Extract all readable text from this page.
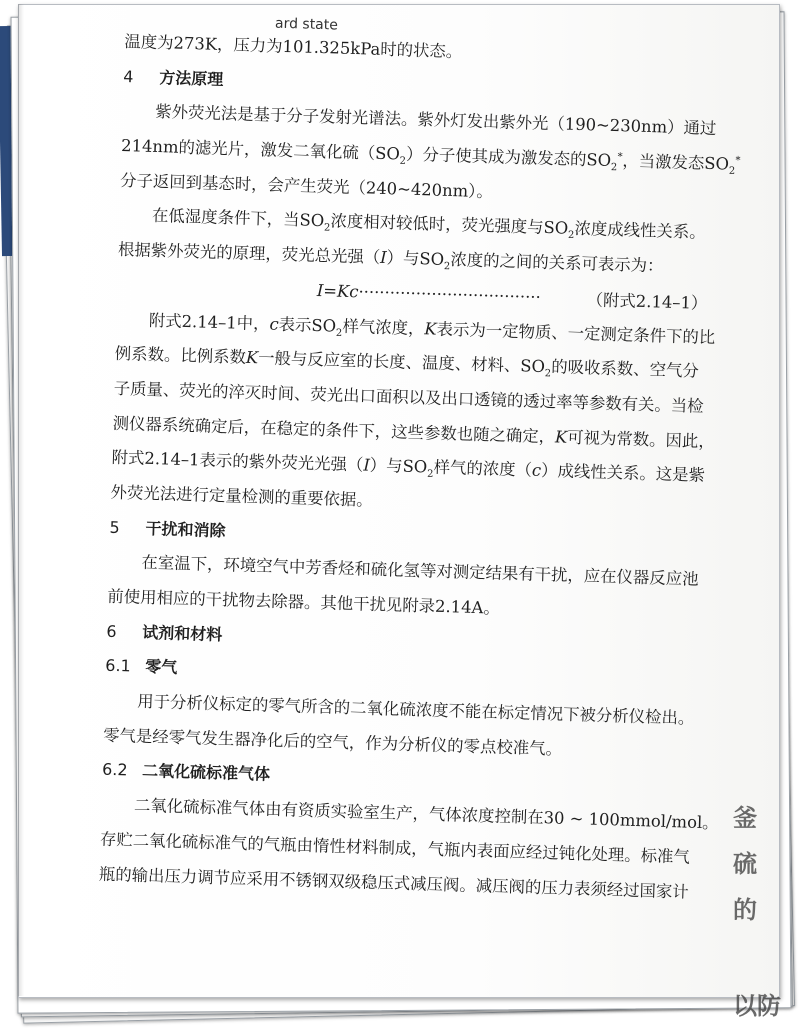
ard state
温度为273K，压力为101.325kPa时的状态。
4 方法原理
紫外荧光法是基于分子发射光谱法。紫外灯发出紫外光（190~230nm）通过
214nm的滤光片，激发二氧化硫$(SO_2)$分子使其成为激发态的$SO_2^*$，当激发态$SO_2^*$
分子返回到基态时，会产生荧光（240~420nm）。
在低湿度条件下，当$SO_2$浓度相对较低时，荧光强度与$SO_2$浓度成线性关系。
根据紫外荧光的原理，荧光总光强（I）与$SO_2$浓度的之间的关系可表示为：
I=Kc···································	（附式2.14–1）
附式2.14–1中，c表示$SO_2$样气浓度，K表示为一定物质、一定测定条件下的比
例系数。比例系数K一般与反应室的长度、温度、材料、$SO_2$的吸收系数、空气分
子质量、荧光的淬灭时间、荧光出口面积以及出口透镜的透过率等参数有关。当检
测仪器系统确定后，在稳定的条件下，这些参数也随之确定，K可视为常数。因此，
附式2.14–1表示的紫外荧光光强（I）与$SO_2$样气的浓度（c）成线性关系。这是紫
外荧光法进行定量检测的重要依据。
5 干扰和消除
在室温下，环境空气中芳香烃和硫化氢等对测定结果有干扰，应在仪器反应池
前使用相应的干扰物去除器。其他干扰见附录2.14A。
6 试剂和材料
6.1 零气
用于分析仪标定的零气所含的二氧化硫浓度不能在标定情况下被分析仪检出。
零气是经零气发生器净化后的空气，作为分析仪的零点校准气。
6.2 二氧化硫标准气体
二氧化硫标准气体由有资质实验室生产，气体浓度控制在30 ~ 100mmol/mol。
存贮二氧化硫标准气的气瓶由惰性材料制成，气瓶内表面应经过钝化处理。标准气
瓶的输出压力调节应采用不锈钢双级稳压式减压阀。减压阀的压力表须经过国家计
釜
硫
的
以防
